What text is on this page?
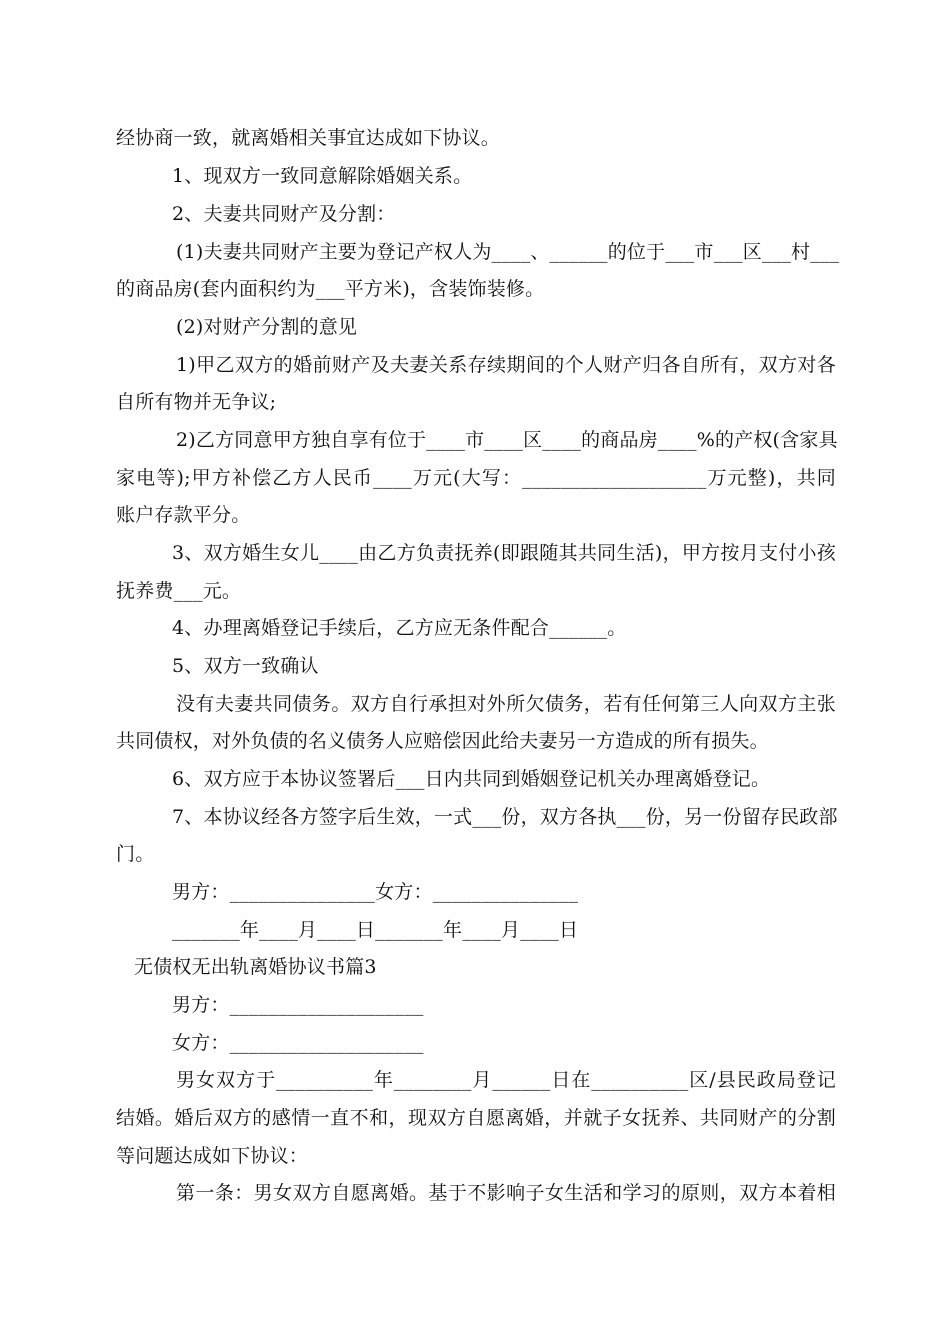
经协商一致，就离婚相关事宜达成如下协议。
1、现双方一致同意解除婚姻关系。
2、夫妻共同财产及分割：
(1)夫妻共同财产主要为登记产权人为____、______的位于___市___区___村___
的商品房(套内面积约为___平方米)，含装饰装修。
(2)对财产分割的意见
1)甲乙双方的婚前财产及夫妻关系存续期间的个人财产归各自所有，双方对各
自所有物并无争议;
2)乙方同意甲方独自享有位于____市____区____的商品房____%的产权(含家具
家电等);甲方补偿乙方人民币____万元(大写：___________________万元整)，共同
账户存款平分。
3、双方婚生女儿____由乙方负责抚养(即跟随其共同生活)，甲方按月支付小孩
抚养费___元。
4、办理离婚登记手续后，乙方应无条件配合______。
5、双方一致确认
没有夫妻共同债务。双方自行承担对外所欠债务，若有任何第三人向双方主张
共同债权，对外负债的名义债务人应赔偿因此给夫妻另一方造成的所有损失。
6、双方应于本协议签署后___日内共同到婚姻登记机关办理离婚登记。
7、本协议经各方签字后生效，一式___份，双方各执___份，另一份留存民政部
门。
男方：_______________女方：_______________
_______年____月____日_______年____月____日
无债权无出轨离婚协议书篇3
男方：____________________
女方：____________________
男女双方于__________年________月______日在__________区/县民政局登记
结婚。婚后双方的感情一直不和，现双方自愿离婚，并就子女抚养、共同财产的分割
等问题达成如下协议：
第一条：男女双方自愿离婚。基于不影响子女生活和学习的原则，双方本着相
